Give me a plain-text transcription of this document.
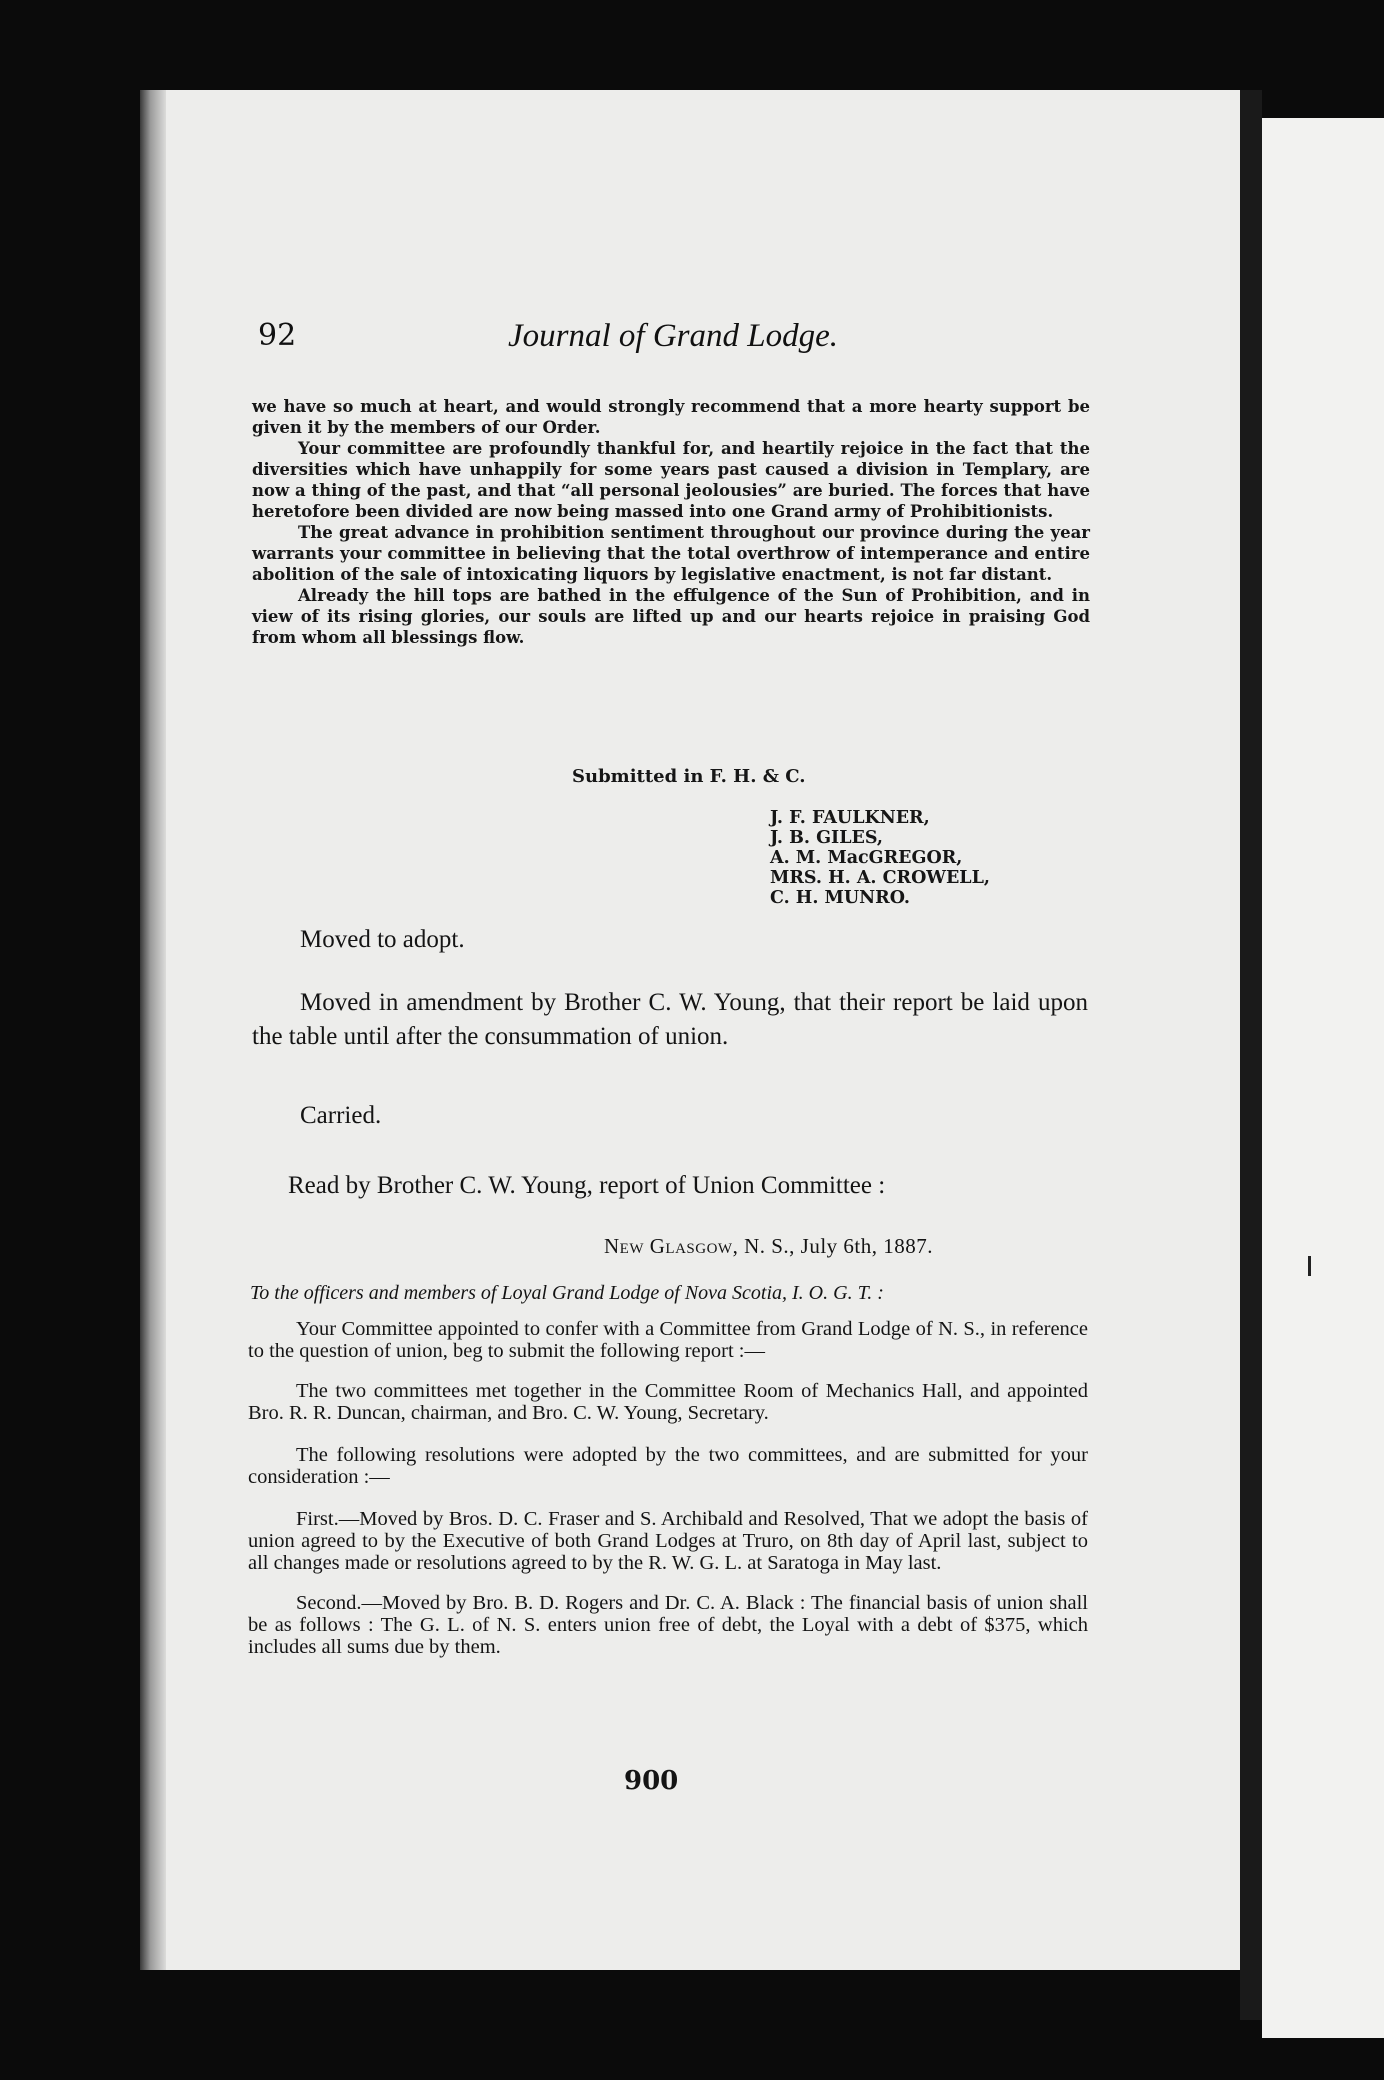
92	Journal of Grand Lodge.

we have so much at heart, and would strongly recommend that a more hearty support be given it by the members of our Order.

Your committee are profoundly thankful for, and heartily rejoice in the fact that the diversities which have unhappily for some years past caused a division in Templary, are now a thing of the past, and that “all personal jeolousies” are buried. The forces that have heretofore been divided are now being massed into one Grand army of Prohibitionists.

The great advance in prohibition sentiment throughout our province during the year warrants your committee in believing that the total overthrow of intemperance and entire abolition of the sale of intoxicating liquors by legislative enactment, is not far distant.

Already the hill tops are bathed in the effulgence of the Sun of Prohibition, and in view of its rising glories, our souls are lifted up and our hearts rejoice in praising God from whom all blessings flow.

Submitted in F. H. & C.
J. F. FAULKNER,
J. B. GILES,
A. M. MacGREGOR,
MRS. H. A. CROWELL,
C. H. MUNRO.
Moved to adopt.

Moved in amendment by Brother C. W. Young, that their report be laid upon the table until after the consummation of union.

Carried.
Read by Brother C. W. Young, report of Union Committee :
New Glasgow, N. S., July 6th, 1887.
To the officers and members of Loyal Grand Lodge of Nova Scotia, I. O. G. T. :

Your Committee appointed to confer with a Committee from Grand Lodge of N. S., in reference to the question of union, beg to submit the following report :—

The two committees met together in the Committee Room of Mechanics Hall, and appointed Bro. R. R. Duncan, chairman, and Bro. C. W. Young, Secretary.

The following resolutions were adopted by the two committees, and are submitted for your consideration :—

First.—Moved by Bros. D. C. Fraser and S. Archibald and Resolved, That we adopt the basis of union agreed to by the Executive of both Grand Lodges at Truro, on 8th day of April last, subject to all changes made or resolutions agreed to by the R. W. G. L. at Saratoga in May last.

Second.—Moved by Bro. B. D. Rogers and Dr. C. A. Black : The financial basis of union shall be as follows : The G. L. of N. S. enters union free of debt, the Loyal with a debt of $375, which includes all sums due by them.

900
